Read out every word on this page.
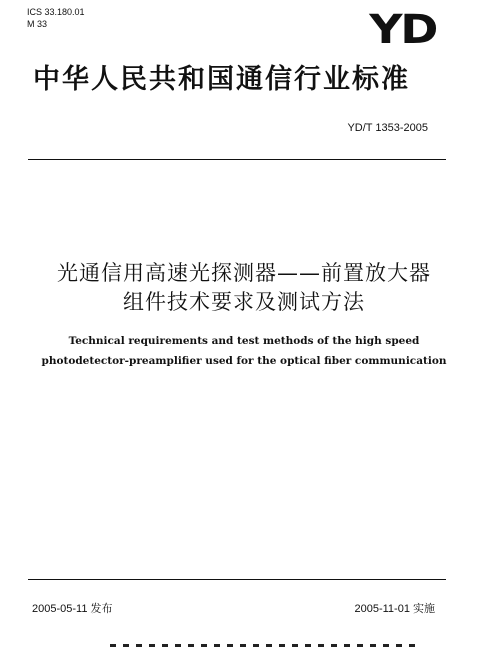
ICS 33.180.01
M 33	YD
中华人民共和国通信行业标准
YD/T 1353-2005
光通信用高速光探测器——前置放大器
组件技术要求及测试方法
Technical requirements and test methods of the high speed
photodetector-preamplifier used for the optical fiber communication
2005-05-11 发布	2005-11-01 实施
